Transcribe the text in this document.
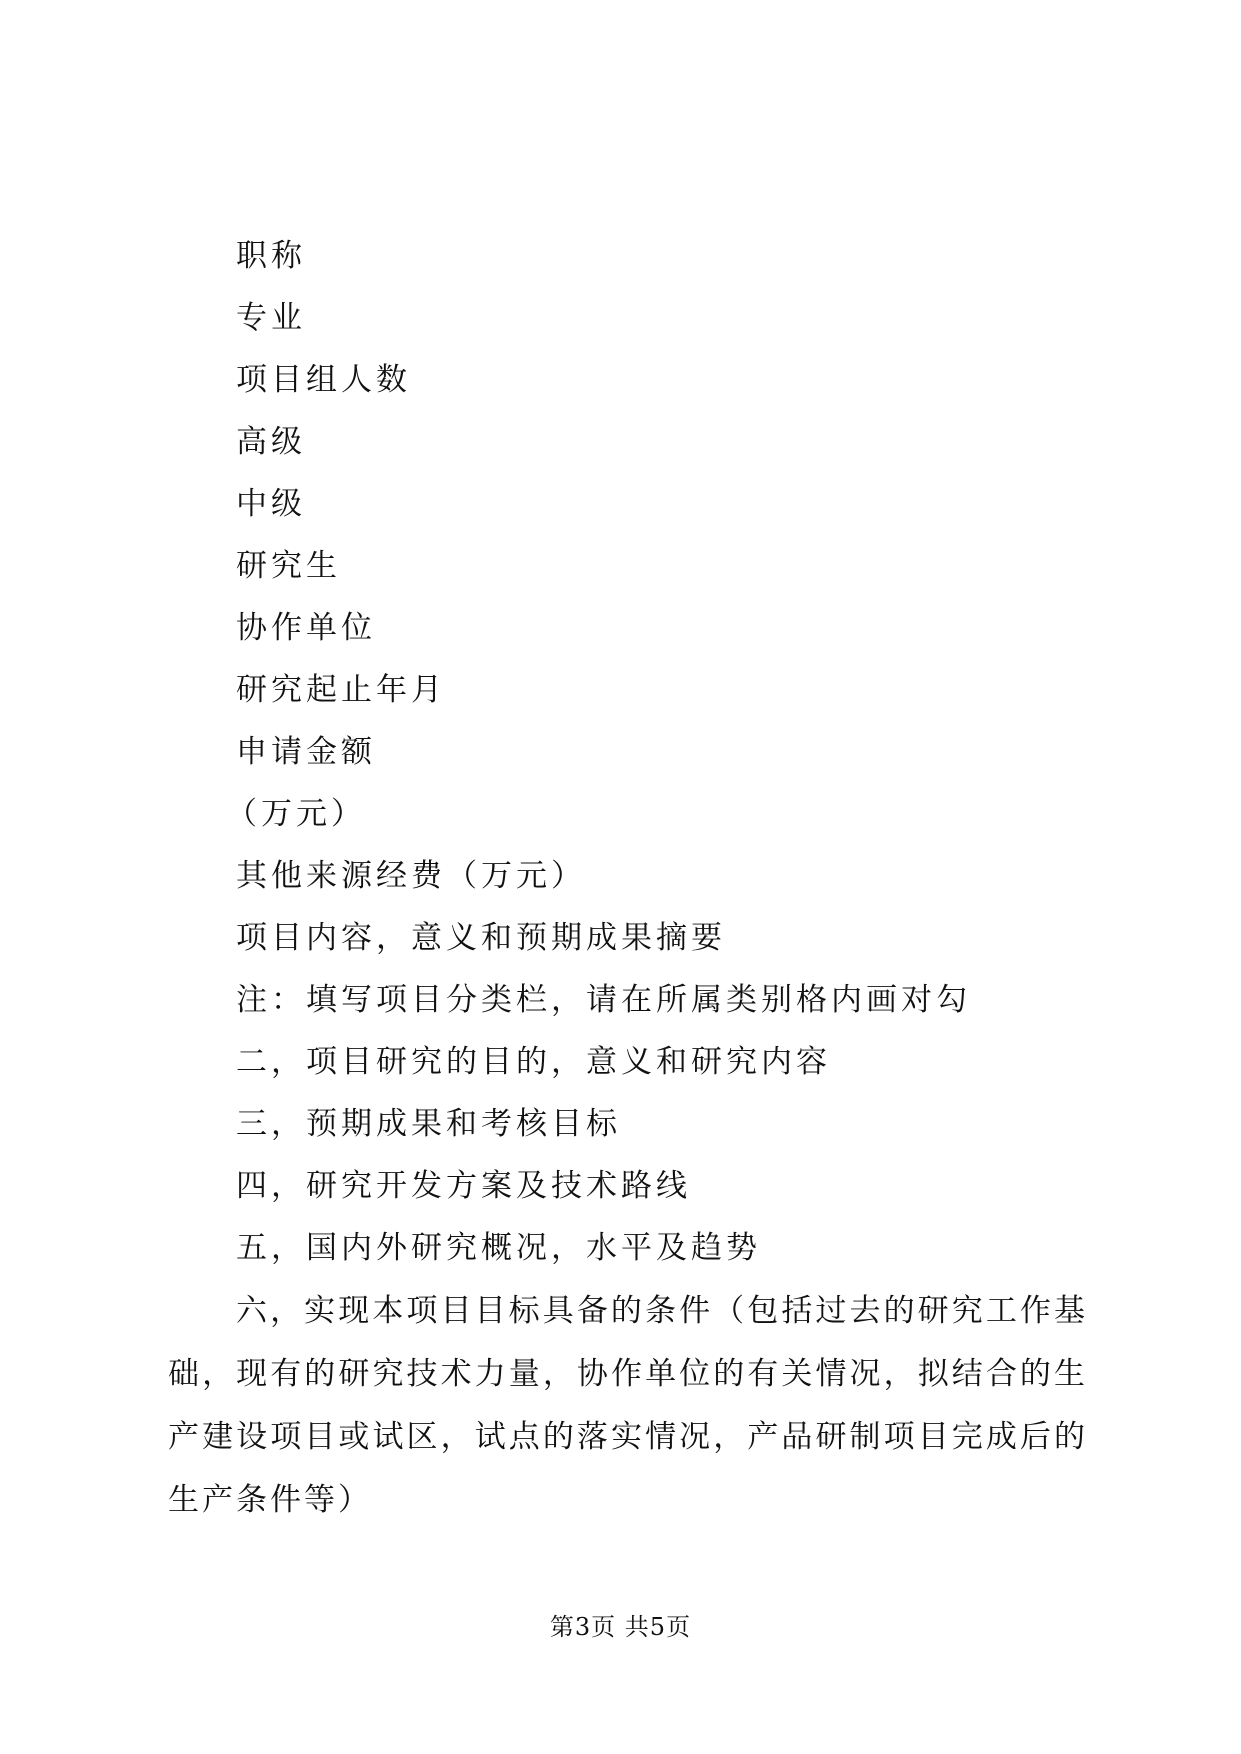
职称
专业
项目组人数
高级
中级
研究生
协作单位
研究起止年月
申请金额
（万元）
其他来源经费（万元）
项目内容，意义和预期成果摘要
注：填写项目分类栏，请在所属类别格内画对勾
二，项目研究的目的，意义和研究内容
三，预期成果和考核目标
四，研究开发方案及技术路线
五，国内外研究概况，水平及趋势
六，实现本项目目标具备的条件（包括过去的研究工作基础，现有的研究技术力量，协作单位的有关情况，拟结合的生产建设项目或试区，试点的落实情况，产品研制项目完成后的生产条件等）
第3页 共5页
